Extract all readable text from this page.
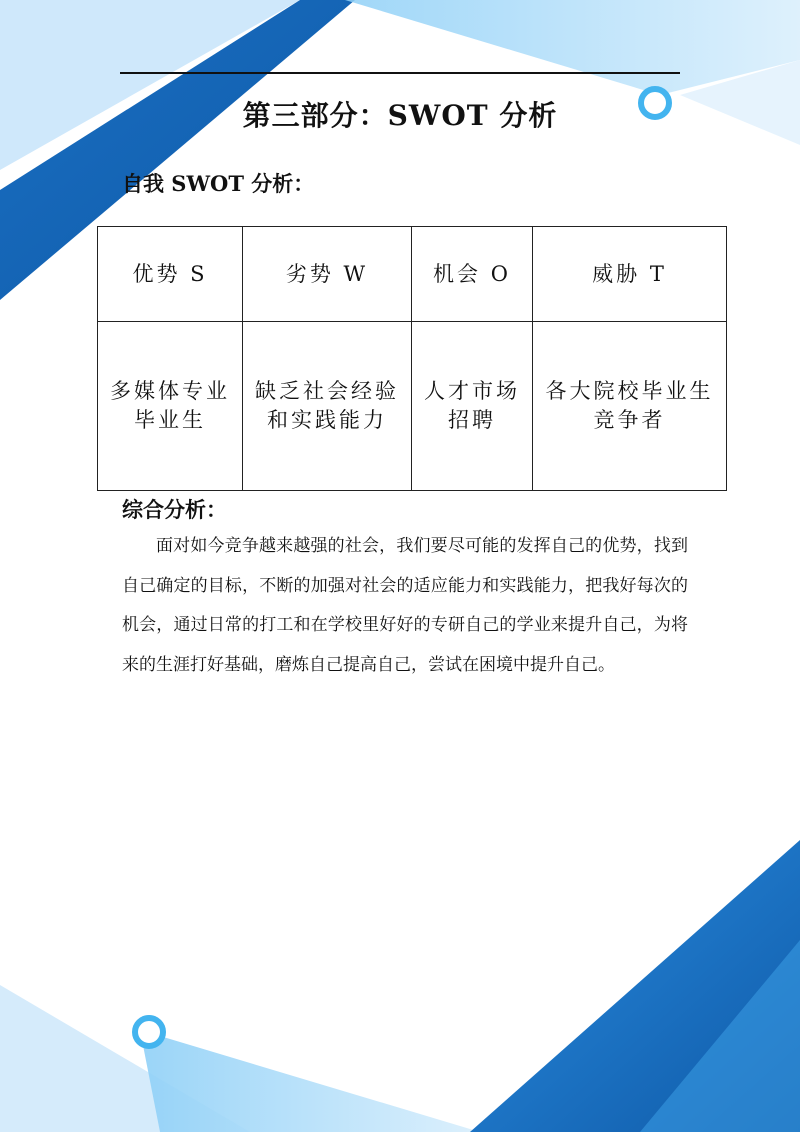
第三部分：SWOT 分析
自我 SWOT 分析：
优势 S	劣势 W	机会 O	威胁 T
多媒体专业毕业生	缺乏社会经验和实践能力	人才市场招聘	各大院校毕业生竞争者
综合分析：

面对如今竞争越来越强的社会，我们要尽可能的发挥自己的优势，找到自己确定的目标，不断的加强对社会的适应能力和实践能力，把我好每次的机会，通过日常的打工和在学校里好好的专研自己的学业来提升自己，为将来的生涯打好基础，磨炼自己提高自己，尝试在困境中提升自己。
